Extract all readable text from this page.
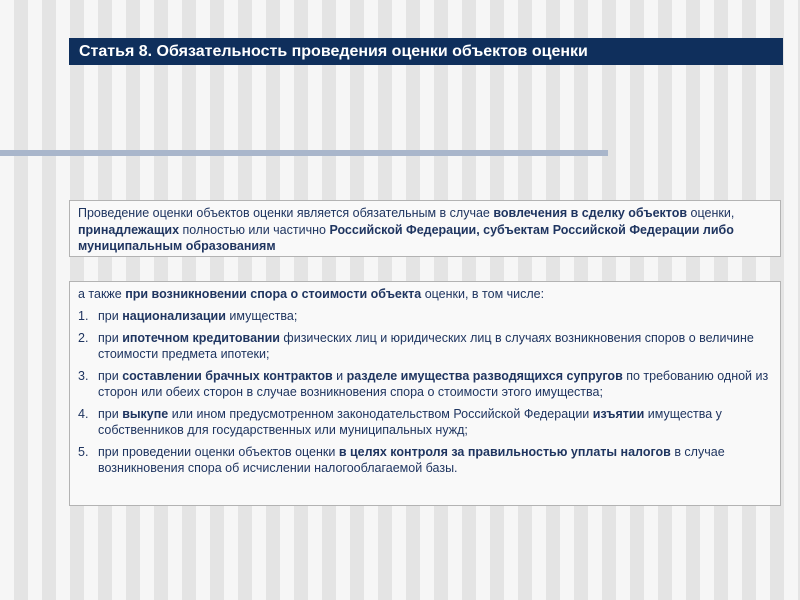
Статья 8. Обязательность проведения оценки объектов оценки
Проведение оценки объектов оценки является обязательным в случае вовлечения в сделку объектов оценки, принадлежащих полностью или частично Российской Федерации, субъектам Российской Федерации либо муниципальным образованиям
а также при возникновении спора о стоимости объекта оценки, в том числе:
1. при национализации имущества;
2. при ипотечном кредитовании физических лиц и юридических лиц в случаях возникновения споров о величине стоимости предмета ипотеки;
3. при составлении брачных контрактов и разделе имущества разводящихся супругов по требованию одной из сторон или обеих сторон в случае возникновения спора о стоимости этого имущества;
4. при выкупе или ином предусмотренном законодательством Российской Федерации изъятии имущества у собственников для государственных или муниципальных нужд;
5. при проведении оценки объектов оценки в целях контроля за правильностью уплаты налогов в случае возникновения спора об исчислении налогооблагаемой базы.
